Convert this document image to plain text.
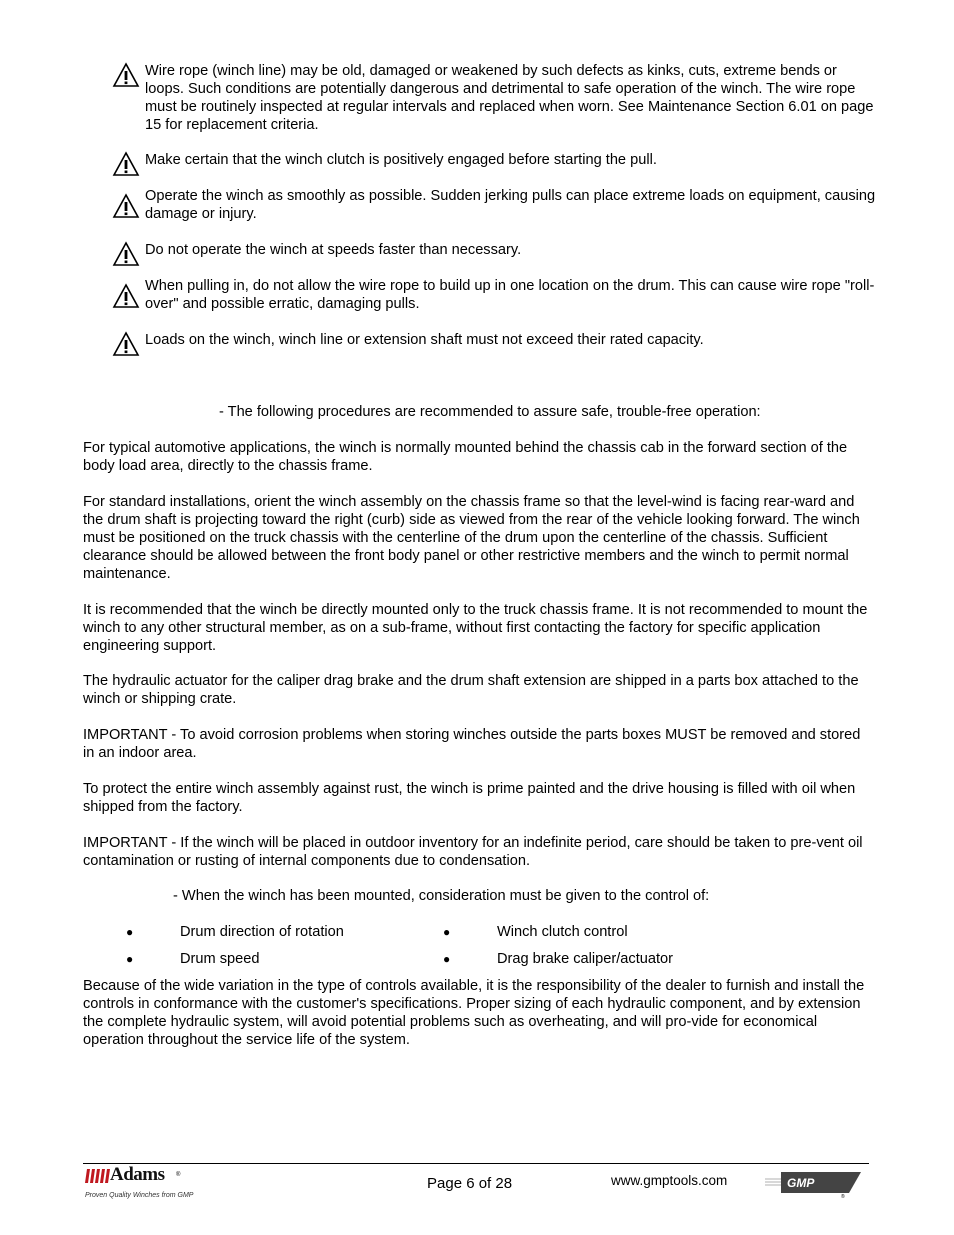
Wire rope (winch line) may be old, damaged or weakened by such defects as kinks, cuts, extreme bends or loops. Such conditions are potentially dangerous and detrimental to safe operation of the winch. The wire rope must be routinely inspected at regular intervals and replaced when worn. See Maintenance Section 6.01 on page 15 for replacement criteria.
Make certain that the winch clutch is positively engaged before starting the pull.
Operate the winch as smoothly as possible. Sudden jerking pulls can place extreme loads on equipment, causing damage or injury.
Do not operate the winch at speeds faster than necessary.
When pulling in, do not allow the wire rope to build up in one location on the drum. This can cause wire rope "roll-over" and possible erratic, damaging pulls.
Loads on the winch, winch line or extension shaft must not exceed their rated capacity.

- The following procedures are recommended to assure safe, trouble-free operation:

For typical automotive applications, the winch is normally mounted behind the chassis cab in the forward section of the body load area, directly to the chassis frame.

For standard installations, orient the winch assembly on the chassis frame so that the level-wind is facing rear-ward and the drum shaft is projecting toward the right (curb) side as viewed from the rear of the vehicle looking forward. The winch must be positioned on the truck chassis with the centerline of the drum upon the centerline of the chassis. Sufficient clearance should be allowed between the front body panel or other restrictive members and the winch to permit normal maintenance.

It is recommended that the winch be directly mounted only to the truck chassis frame. It is not recommended to mount the winch to any other structural member, as on a sub-frame, without first contacting the factory for specific application engineering support.

The hydraulic actuator for the caliper drag brake and the drum shaft extension are shipped in a parts box attached to the winch or shipping crate.

IMPORTANT - To avoid corrosion problems when storing winches outside the parts boxes MUST be removed and stored in an indoor area.

To protect the entire winch assembly against rust, the winch is prime painted and the drive housing is filled with oil when shipped from the factory.

IMPORTANT - If the winch will be placed in outdoor inventory for an indefinite period, care should be taken to pre-vent oil contamination or rusting of internal components due to condensation.

- When the winch has been mounted, consideration must be given to the control of:

●	Drum direction of rotation	●	Winch clutch control
●	Drum speed	●	Drag brake caliper/actuator

Because of the wide variation in the type of controls available, it is the responsibility of the dealer to furnish and install the controls in conformance with the customer's specifications. Proper sizing of each hydraulic component, and by extension the complete hydraulic system, will avoid potential problems such as overheating, and will pro-vide for economical operation throughout the service life of the system.

Adams ®
Proven Quality Winches from GMP
Page 6 of 28	www.gmptools.com	GMP
®
